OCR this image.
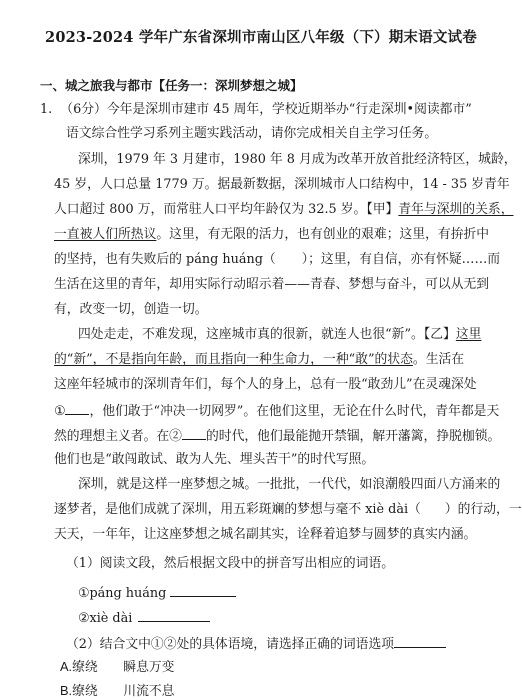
2023-2024 学年广东省深圳市南山区八年级（下）期末语文试卷
一、城之旅我与都市【任务一：深圳梦想之城】
1. （6分）今年是深圳市建市 45 周年，学校近期举办“行走深圳•阅读都市”
语文综合性学习系列主题实践活动，请你完成相关自主学习任务。
深圳，1979 年 3 月建市，1980 年 8 月成为改革开放首批经济特区，城龄，
45 岁，人口总量 1779 万。据最新数据，深圳城市人口结构中，14 - 35 岁青年
人口超过 800 万，而常驻人口平均年龄仅为 32.5 岁。【甲】青年与深圳的关系，
一直被人们所热议。这里，有无限的活力，也有创业的艰难；这里，有拚折中
的坚持，也有失败后的 páng huáng（ ）；这里，有自信，亦有怀疑……而
生活在这里的青年，却用实际行动昭示着——青春、梦想与奋斗，可以从无到
有，改变一切，创造一切。
四处走走，不难发现，这座城市真的很新，就连人也很“新”。【乙】这里
的“新”，不是指向年龄，而且指向一种生命力，一种“敢”的状态。生活在
这座年轻城市的深圳青年们，每个人的身上，总有一股“敢劲儿”在灵魂深处
① ，他们敢于“冲决一切网罗”。在他们这里，无论在什么时代，青年都是天
然的理想主义者。在② 的时代，他们最能抛开禁锢，解开藩篱，挣脱枷锁。
他们也是“敢闯敢试、敢为人先、埋头苦干”的时代写照。
深圳，就是这样一座梦想之城。一批批，一代代，如浪潮般四面八方涌来的
逐梦者，是他们成就了深圳，用五彩斑斓的梦想与毫不 xiè dài（ ）的行动，一
天天，一年年，让这座梦想之城名副其实，诠释着追梦与圆梦的真实内涵。
（1）阅读文段，然后根据文段中的拼音写出相应的词语。
①páng huáng
②xiè dài
（2）结合文中①②处的具体语境，请选择正确的词语选项
A.缭绕　　瞬息万变
B.缭绕　　川流不息
